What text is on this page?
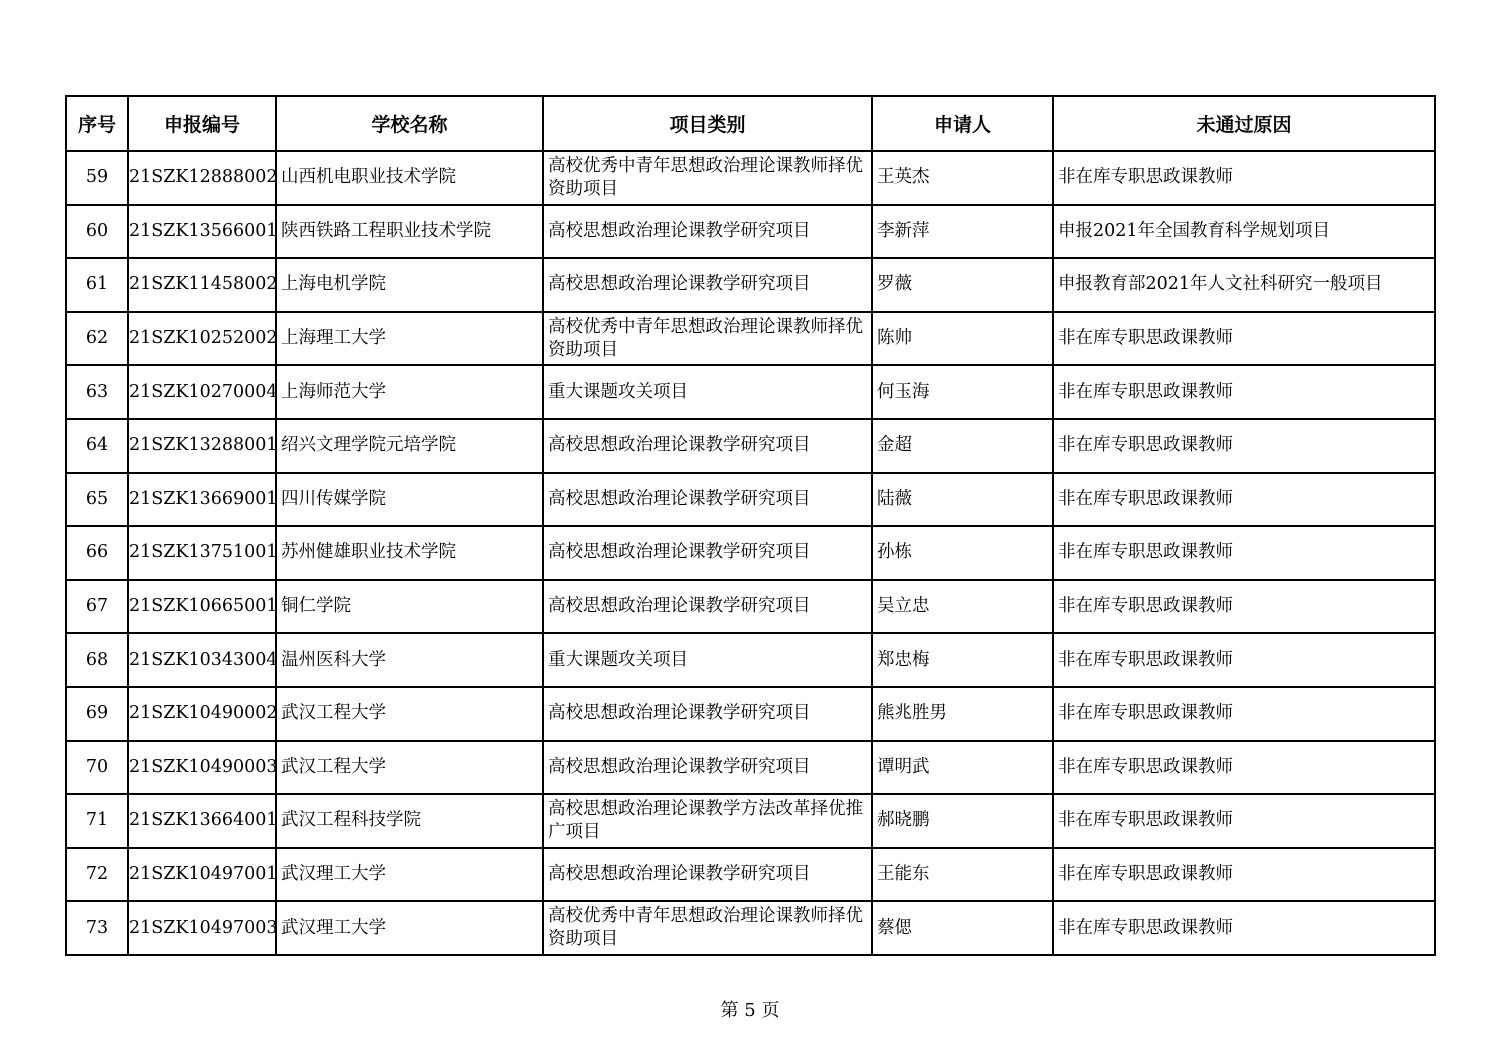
序号	申报编号	学校名称	项目类别	申请人	未通过原因
59	21SZK12888002	山西机电职业技术学院	高校优秀中青年思想政治理论课教师择优资助项目	王英杰	非在库专职思政课教师
60	21SZK13566001	陕西铁路工程职业技术学院	高校思想政治理论课教学研究项目	李新萍	申报2021年全国教育科学规划项目
61	21SZK11458002	上海电机学院	高校思想政治理论课教学研究项目	罗薇	申报教育部2021年人文社科研究一般项目
62	21SZK10252002	上海理工大学	高校优秀中青年思想政治理论课教师择优资助项目	陈帅	非在库专职思政课教师
63	21SZK10270004	上海师范大学	重大课题攻关项目	何玉海	非在库专职思政课教师
64	21SZK13288001	绍兴文理学院元培学院	高校思想政治理论课教学研究项目	金超	非在库专职思政课教师
65	21SZK13669001	四川传媒学院	高校思想政治理论课教学研究项目	陆薇	非在库专职思政课教师
66	21SZK13751001	苏州健雄职业技术学院	高校思想政治理论课教学研究项目	孙栋	非在库专职思政课教师
67	21SZK10665001	铜仁学院	高校思想政治理论课教学研究项目	吴立忠	非在库专职思政课教师
68	21SZK10343004	温州医科大学	重大课题攻关项目	郑忠梅	非在库专职思政课教师
69	21SZK10490002	武汉工程大学	高校思想政治理论课教学研究项目	熊兆胜男	非在库专职思政课教师
70	21SZK10490003	武汉工程大学	高校思想政治理论课教学研究项目	谭明武	非在库专职思政课教师
71	21SZK13664001	武汉工程科技学院	高校思想政治理论课教学方法改革择优推广项目	郝晓鹏	非在库专职思政课教师
72	21SZK10497001	武汉理工大学	高校思想政治理论课教学研究项目	王能东	非在库专职思政课教师
73	21SZK10497003	武汉理工大学	高校优秀中青年思想政治理论课教师择优资助项目	蔡偲	非在库专职思政课教师
第 5 页
